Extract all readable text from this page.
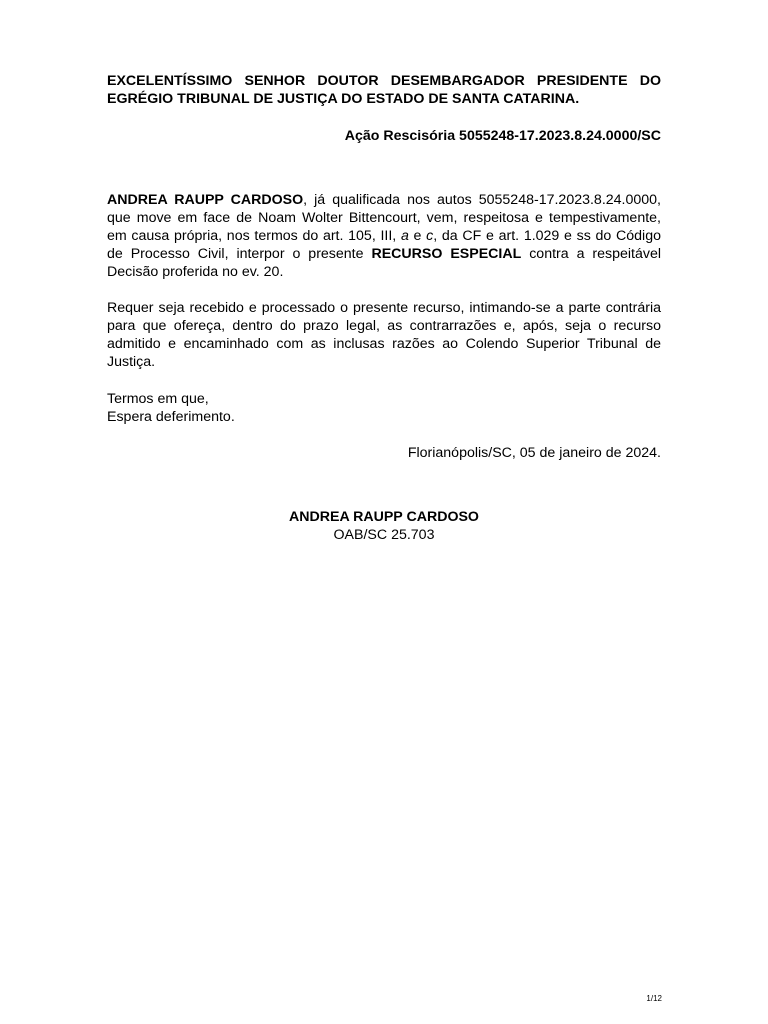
EXCELENTÍSSIMO SENHOR DOUTOR DESEMBARGADOR PRESIDENTE DO EGRÉGIO TRIBUNAL DE JUSTIÇA DO ESTADO DE SANTA CATARINA.
Ação Rescisória 5055248-17.2023.8.24.0000/SC
ANDREA RAUPP CARDOSO, já qualificada nos autos 5055248-17.2023.8.24.0000, que move em face de Noam Wolter Bittencourt, vem, respeitosa e tempestivamente, em causa própria, nos termos do art. 105, III, a e c, da CF e art. 1.029 e ss do Código de Processo Civil, interpor o presente RECURSO ESPECIAL contra a respeitável Decisão proferida no ev. 20.
Requer seja recebido e processado o presente recurso, intimando-se a parte contrária para que ofereça, dentro do prazo legal, as contrarrazões e, após, seja o recurso admitido e encaminhado com as inclusas razões ao Colendo Superior Tribunal de Justiça.
Termos em que,
Espera deferimento.
Florianópolis/SC, 05 de janeiro de 2024.
ANDREA RAUPP CARDOSO
OAB/SC 25.703
1/12
